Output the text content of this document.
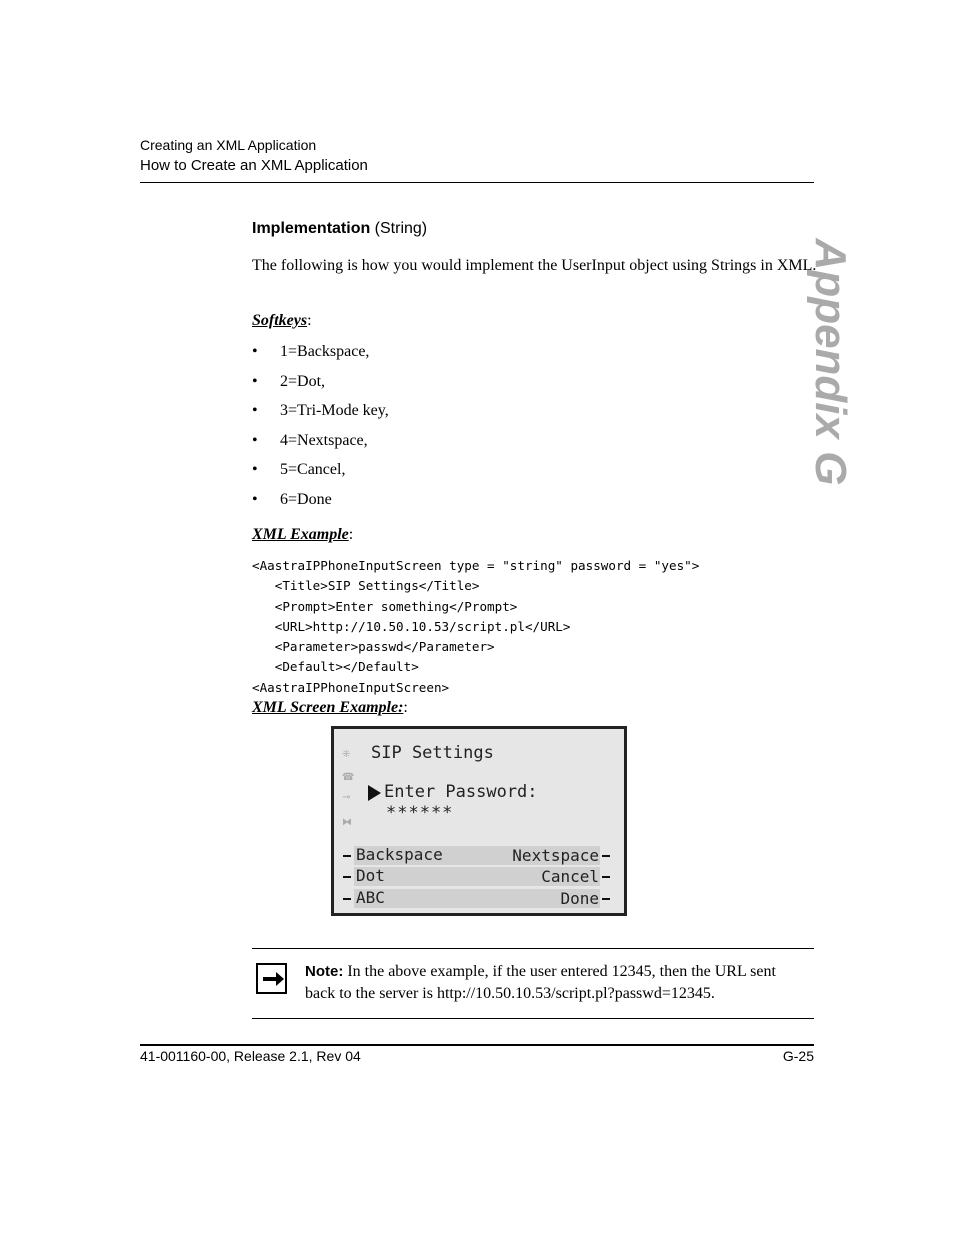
Creating an XML Application
How to Create an XML Application
Appendix G
Implementation (String)
The following is how you would implement the UserInput object using Strings in XML.
Softkeys:
• 1=Backspace,
• 2=Dot,
• 3=Tri-Mode key,
• 4=Nextspace,
• 5=Cancel,
• 6=Done
XML Example:
<AastraIPPhoneInputScreen type = "string" password = "yes">
<Title>SIP Settings</Title>
<Prompt>Enter something</Prompt>
<URL>http://10.50.10.53/script.pl</URL>
<Parameter>passwd</Parameter>
<Default></Default>
<AastraIPPhoneInputScreen>
XML Screen Example::
⁜
☎
⊸
⧓
SIP Settings
Enter Password:
******
Backspace	Nextspace
Dot	Cancel
ABC	Done
Note: In the above example, if the user entered 12345, then the URL sent back to the server is http://10.50.10.53/script.pl?passwd=12345.
41-001160-00, Release 2.1, Rev 04	G-25
